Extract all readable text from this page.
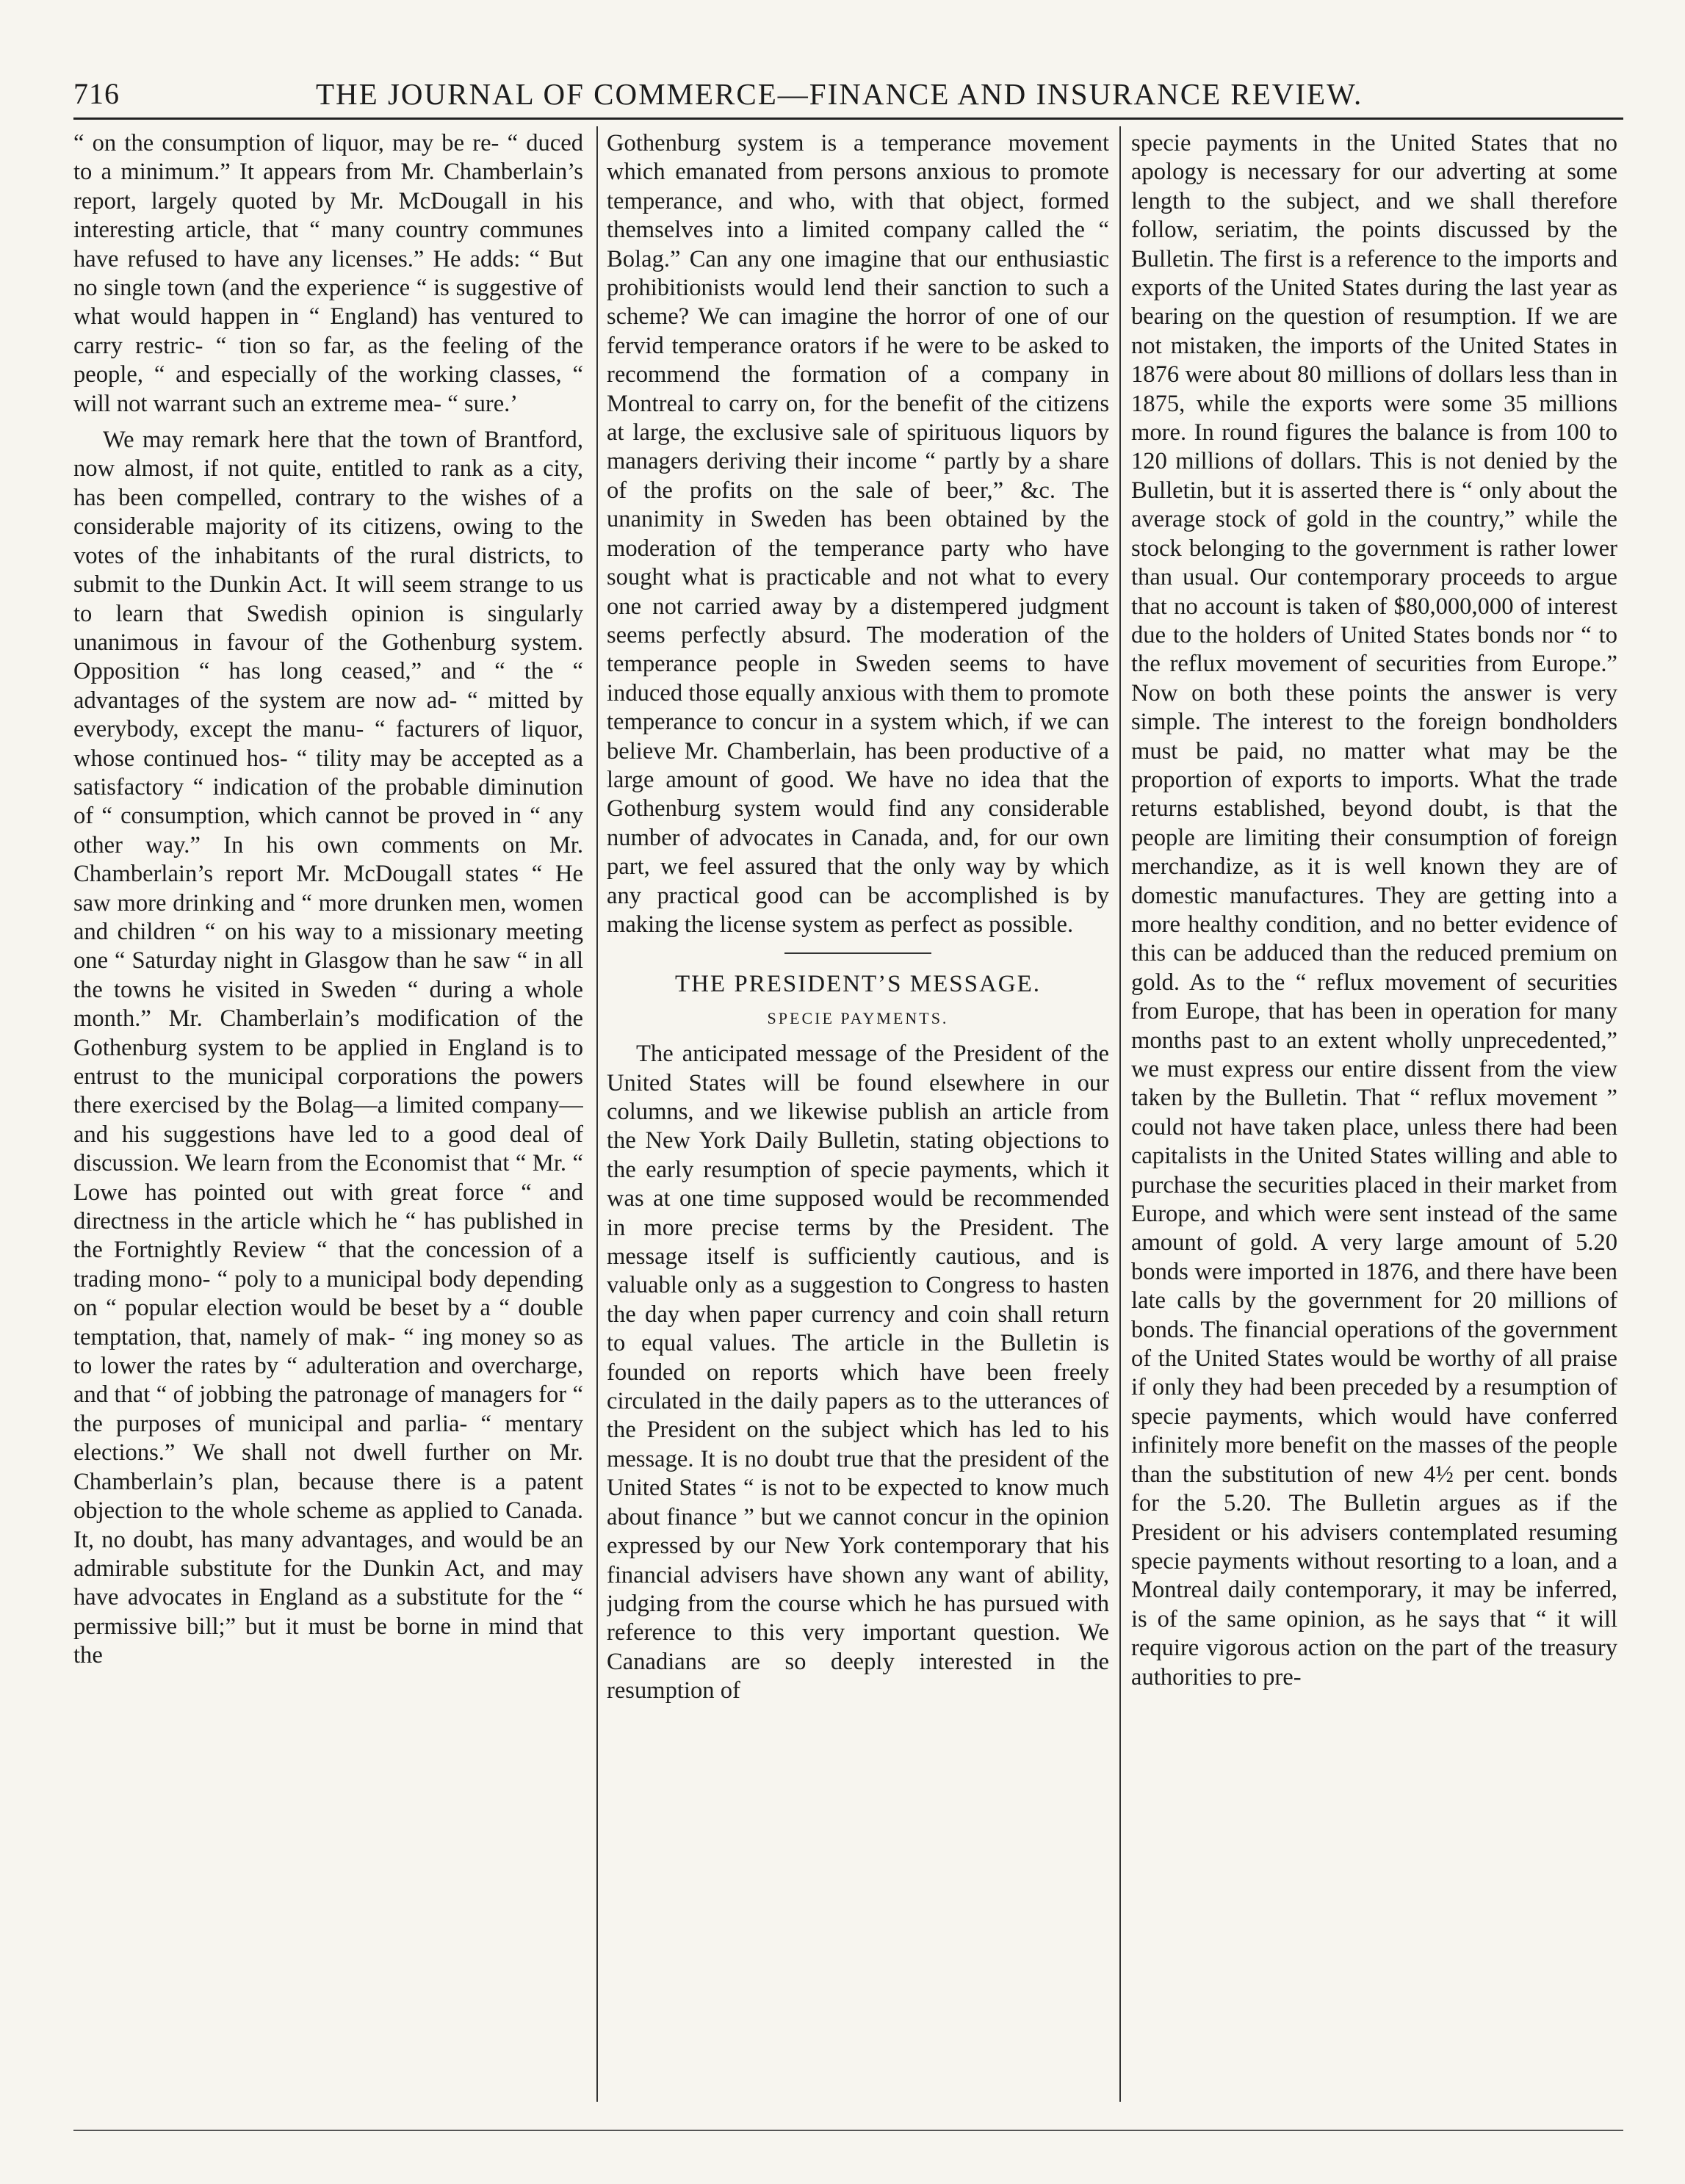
716	THE JOURNAL OF COMMERCE—FINANCE AND INSURANCE REVIEW.

“ on the consumption of liquor, may be re- “ duced to a minimum.” It appears from Mr. Chamberlain’s report, largely quoted by Mr. McDougall in his interesting article, that “ many country communes have refused to have any licenses.” He adds: “ But no single town (and the experience “ is suggestive of what would happen in “ England) has ventured to carry restric- “ tion so far, as the feeling of the people, “ and especially of the working classes, “ will not warrant such an extreme mea- “ sure.’

We may remark here that the town of Brantford, now almost, if not quite, entitled to rank as a city, has been compelled, contrary to the wishes of a considerable majority of its citizens, owing to the votes of the inhabitants of the rural districts, to submit to the Dunkin Act. It will seem strange to us to learn that Swedish opinion is singularly unanimous in favour of the Gothenburg system. Opposition “ has long ceased,” and “ the “ advantages of the system are now ad- “ mitted by everybody, except the manu- “ facturers of liquor, whose continued hos- “ tility may be accepted as a satisfactory “ indication of the probable diminution of “ consumption, which cannot be proved in “ any other way.” In his own comments on Mr. Chamberlain’s report Mr. McDougall states “ He saw more drinking and “ more drunken men, women and children “ on his way to a missionary meeting one “ Saturday night in Glasgow than he saw “ in all the towns he visited in Sweden “ during a whole month.” Mr. Chamberlain’s modification of the Gothenburg system to be applied in England is to entrust to the municipal corporations the powers there exercised by the Bolag—a limited company—and his suggestions have led to a good deal of discussion. We learn from the Economist that “ Mr. “ Lowe has pointed out with great force “ and directness in the article which he “ has published in the Fortnightly Review “ that the concession of a trading mono- “ poly to a municipal body depending on “ popular election would be beset by a “ double temptation, that, namely of mak- “ ing money so as to lower the rates by “ adulteration and overcharge, and that “ of jobbing the patronage of managers for “ the purposes of municipal and parlia- “ mentary elections.” We shall not dwell further on Mr. Chamberlain’s plan, because there is a patent objection to the whole scheme as applied to Canada. It, no doubt, has many advantages, and would be an admirable substitute for the Dunkin Act, and may have advocates in England as a substitute for the “ permissive bill;” but it must be borne in mind that the

Gothenburg system is a temperance movement which emanated from persons anxious to promote temperance, and who, with that object, formed themselves into a limited company called the “ Bolag.” Can any one imagine that our enthusiastic prohibitionists would lend their sanction to such a scheme? We can imagine the horror of one of our fervid temperance orators if he were to be asked to recommend the formation of a company in Montreal to carry on, for the benefit of the citizens at large, the exclusive sale of spirituous liquors by managers deriving their income “ partly by a share of the profits on the sale of beer,” &c. The unanimity in Sweden has been obtained by the moderation of the temperance party who have sought what is practicable and not what to every one not carried away by a distempered judgment seems perfectly absurd. The moderation of the temperance people in Sweden seems to have induced those equally anxious with them to promote temperance to concur in a system which, if we can believe Mr. Chamberlain, has been productive of a large amount of good. We have no idea that the Gothenburg system would find any considerable number of advocates in Canada, and, for our own part, we feel assured that the only way by which any practical good can be accomplished is by making the license system as perfect as possible.

THE PRESIDENT’S MESSAGE.
SPECIE PAYMENTS.

The anticipated message of the President of the United States will be found elsewhere in our columns, and we likewise publish an article from the New York Daily Bulletin, stating objections to the early resumption of specie payments, which it was at one time supposed would be recommended in more precise terms by the President. The message itself is sufficiently cautious, and is valuable only as a suggestion to Congress to hasten the day when paper currency and coin shall return to equal values. The article in the Bulletin is founded on reports which have been freely circulated in the daily papers as to the utterances of the President on the subject which has led to his message. It is no doubt true that the president of the United States “ is not to be expected to know much about finance ” but we cannot concur in the opinion expressed by our New York contemporary that his financial advisers have shown any want of ability, judging from the course which he has pursued with reference to this very important question. We Canadians are so deeply interested in the resumption of

specie payments in the United States that no apology is necessary for our adverting at some length to the subject, and we shall therefore follow, seriatim, the points discussed by the Bulletin. The first is a reference to the imports and exports of the United States during the last year as bearing on the question of resumption. If we are not mistaken, the imports of the United States in 1876 were about 80 millions of dollars less than in 1875, while the exports were some 35 millions more. In round figures the balance is from 100 to 120 millions of dollars. This is not denied by the Bulletin, but it is asserted there is “ only about the average stock of gold in the country,” while the stock belonging to the government is rather lower than usual. Our contemporary proceeds to argue that no account is taken of $80,000,000 of interest due to the holders of United States bonds nor “ to the reflux movement of securities from Europe.” Now on both these points the answer is very simple. The interest to the foreign bondholders must be paid, no matter what may be the proportion of exports to imports. What the trade returns established, beyond doubt, is that the people are limiting their consumption of foreign merchandize, as it is well known they are of domestic manufactures. They are getting into a more healthy condition, and no better evidence of this can be adduced than the reduced premium on gold. As to the “ reflux movement of securities from Europe, that has been in operation for many months past to an extent wholly unprecedented,” we must express our entire dissent from the view taken by the Bulletin. That “ reflux movement ” could not have taken place, unless there had been capitalists in the United States willing and able to purchase the securities placed in their market from Europe, and which were sent instead of the same amount of gold. A very large amount of 5.20 bonds were imported in 1876, and there have been late calls by the government for 20 millions of bonds. The financial operations of the government of the United States would be worthy of all praise if only they had been preceded by a resumption of specie payments, which would have conferred infinitely more benefit on the masses of the people than the substitution of new 4½ per cent. bonds for the 5.20. The Bulletin argues as if the President or his advisers contemplated resuming specie payments without resorting to a loan, and a Montreal daily contemporary, it may be inferred, is of the same opinion, as he says that “ it will require vigorous action on the part of the treasury authorities to pre-
